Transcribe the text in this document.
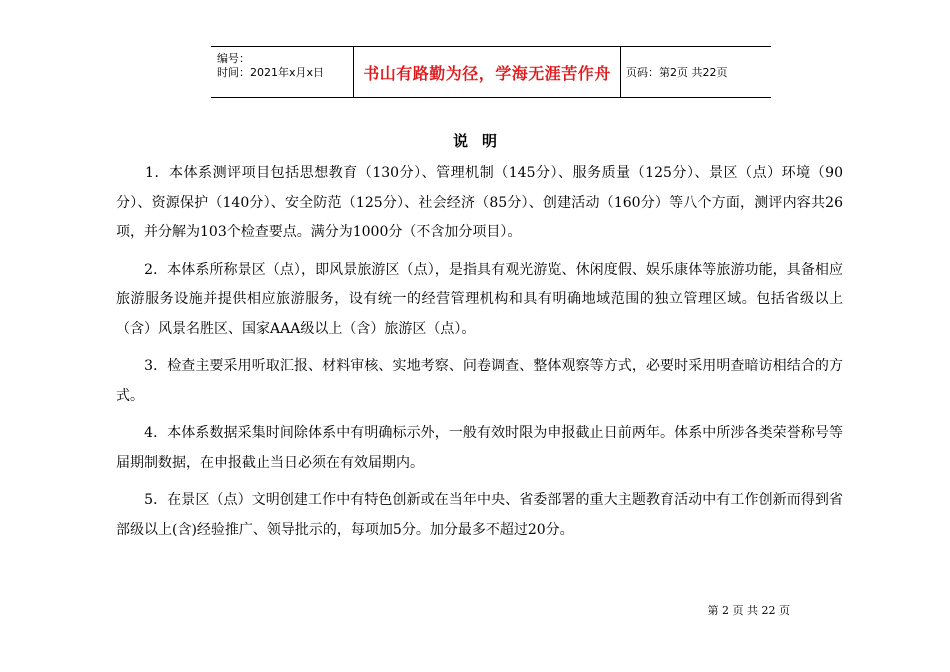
编号：
时间：2021年x月x日	书山有路勤为径，学海无涯苦作舟	页码：第2页 共22页
说明

　　1．本体系测评项目包括思想教育（130分）、管理机制（145分）、服务质量（125分）、景区（点）环境（90分）、资源保护（140分）、安全防范（125分）、社会经济（85分）、创建活动（160分）等八个方面，测评内容共26项，并分解为103个检查要点。满分为1000分（不含加分项目）。

　　2．本体系所称景区（点），即风景旅游区（点），是指具有观光游览、休闲度假、娱乐康体等旅游功能，具备相应旅游服务设施并提供相应旅游服务，设有统一的经营管理机构和具有明确地域范围的独立管理区域。包括省级以上（含）风景名胜区、国家AAA级以上（含）旅游区（点）。

　　3．检查主要采用听取汇报、材料审核、实地考察、问卷调查、整体观察等方式，必要时采用明查暗访相结合的方式。

　　4．本体系数据采集时间除体系中有明确标示外，一般有效时限为申报截止日前两年。体系中所涉各类荣誉称号等届期制数据，在申报截止当日必须在有效届期内。

　　5．在景区（点）文明创建工作中有特色创新或在当年中央、省委部署的重大主题教育活动中有工作创新而得到省部级以上(含)经验推广、领导批示的，每项加5分。加分最多不超过20分。

第 2 页 共 22 页
